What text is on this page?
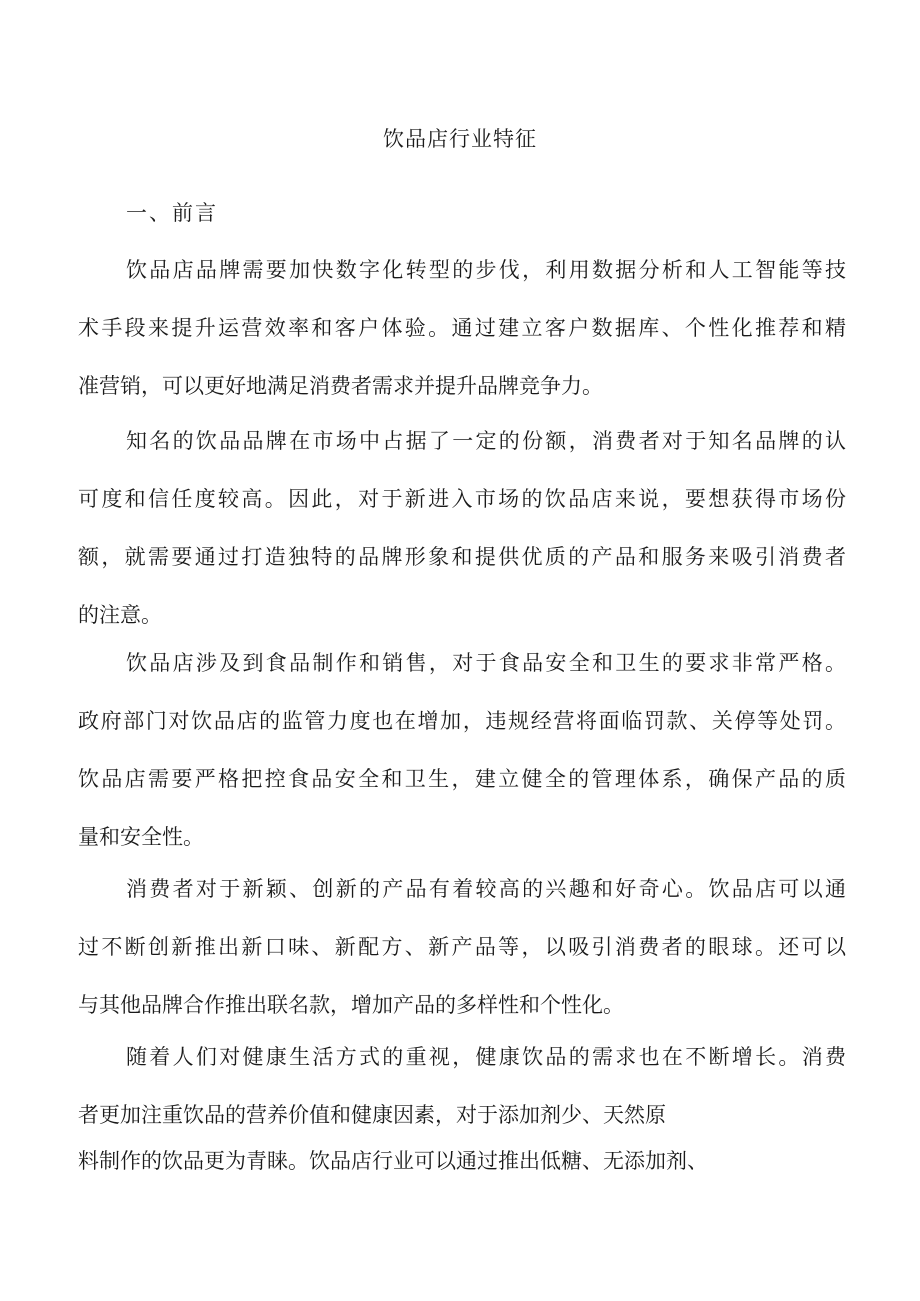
饮品店行业特征
一、前言
饮品店品牌需要加快数字化转型的步伐，利用数据分析和人工智能等技
术手段来提升运营效率和客户体验。通过建立客户数据库、个性化推荐和精
准营销，可以更好地满足消费者需求并提升品牌竞争力。
知名的饮品品牌在市场中占据了一定的份额，消费者对于知名品牌的认
可度和信任度较高。因此，对于新进入市场的饮品店来说，要想获得市场份
额，就需要通过打造独特的品牌形象和提供优质的产品和服务来吸引消费者
的注意。
饮品店涉及到食品制作和销售，对于食品安全和卫生的要求非常严格。
政府部门对饮品店的监管力度也在增加，违规经营将面临罚款、关停等处罚。
饮品店需要严格把控食品安全和卫生，建立健全的管理体系，确保产品的质
量和安全性。
消费者对于新颖、创新的产品有着较高的兴趣和好奇心。饮品店可以通
过不断创新推出新口味、新配方、新产品等，以吸引消费者的眼球。还可以
与其他品牌合作推出联名款，增加产品的多样性和个性化。
随着人们对健康生活方式的重视，健康饮品的需求也在不断增长。消费
者更加注重饮品的营养价值和健康因素，对于添加剂少、天然原
料制作的饮品更为青睐。饮品店行业可以通过推出低糖、无添加剂、
